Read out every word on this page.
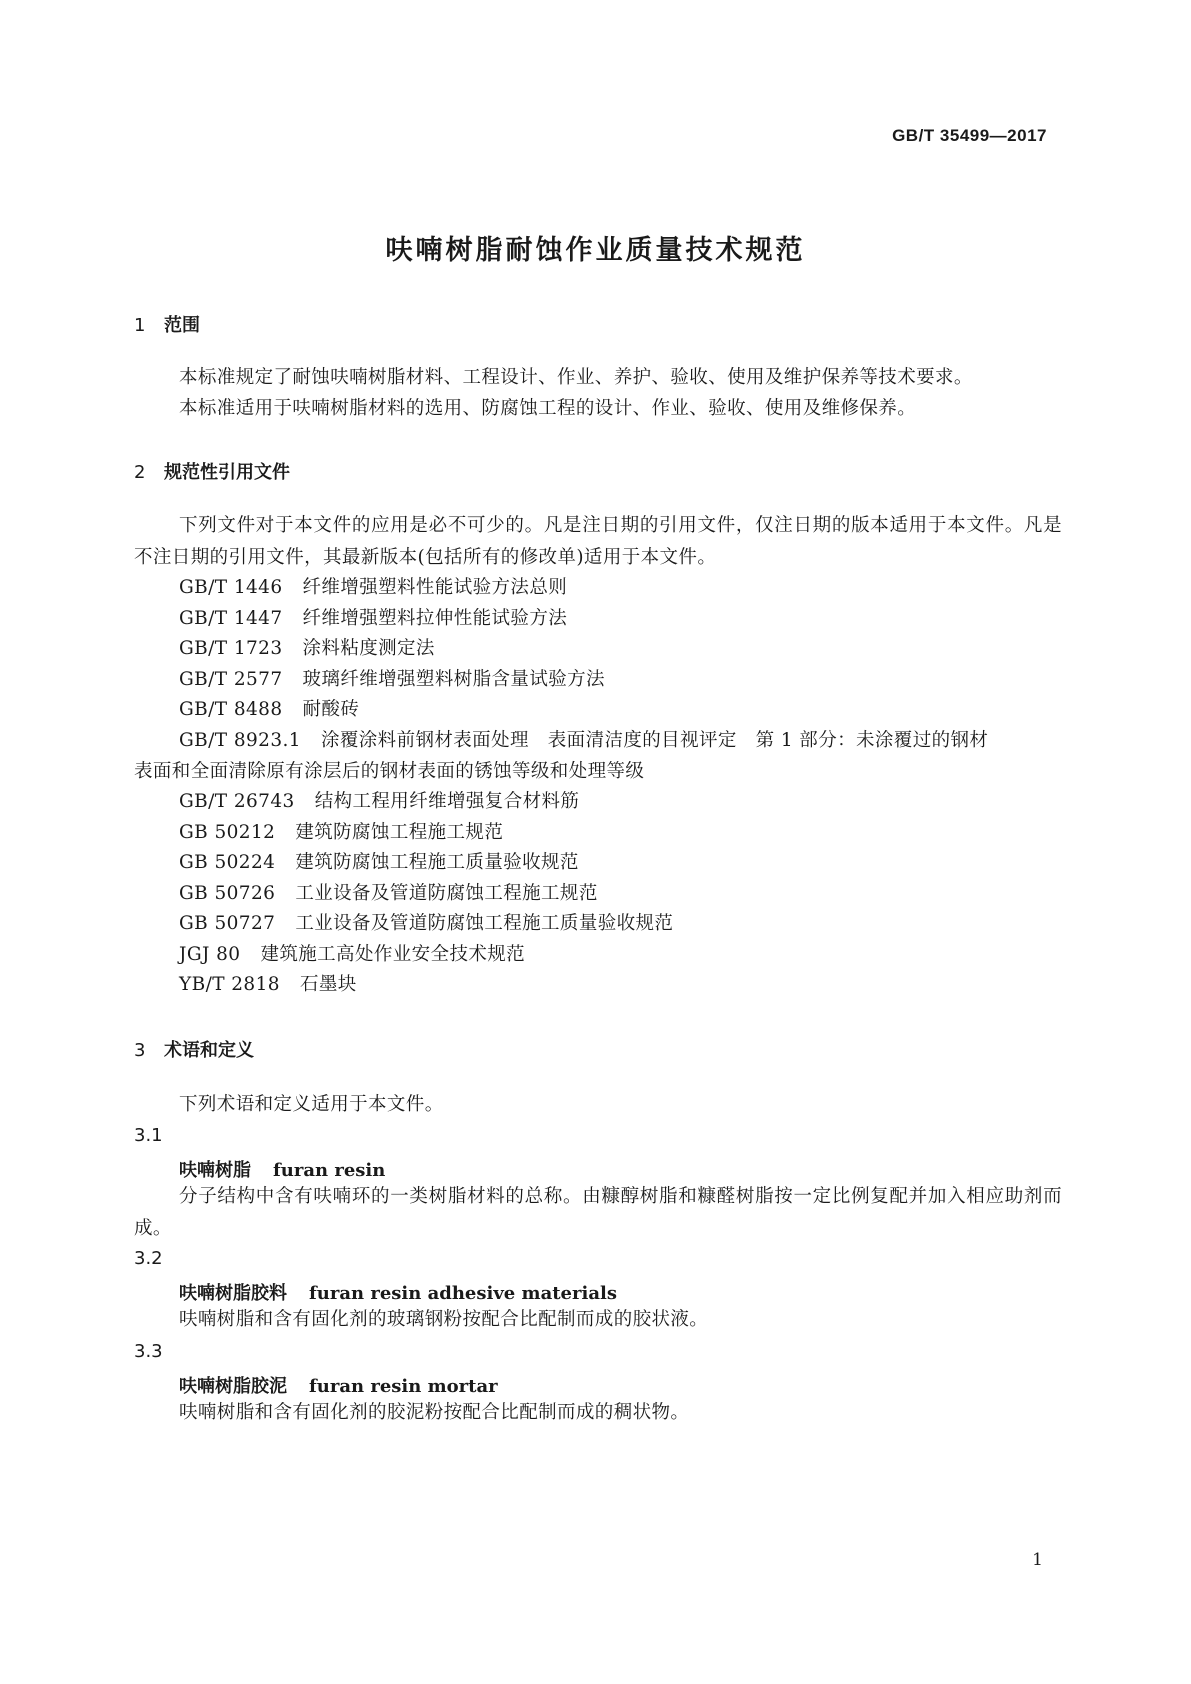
GB/T 35499—2017

呋喃树脂耐蚀作业质量技术规范
1 范围

本标准规定了耐蚀呋喃树脂材料、工程设计、作业、养护、验收、使用及维护保养等技术要求。

本标准适用于呋喃树脂材料的选用、防腐蚀工程的设计、作业、验收、使用及维修保养。

2 规范性引用文件

下列文件对于本文件的应用是必不可少的。凡是注日期的引用文件，仅注日期的版本适用于本文件。凡是不注日期的引用文件，其最新版本(包括所有的修改单)适用于本文件。

GB/T 1446 纤维增强塑料性能试验方法总则

GB/T 1447 纤维增强塑料拉伸性能试验方法

GB/T 1723 涂料粘度测定法

GB/T 2577 玻璃纤维增强塑料树脂含量试验方法

GB/T 8488 耐酸砖

GB/T 8923.1 涂覆涂料前钢材表面处理　表面清洁度的目视评定　第 1 部分：未涂覆过的钢材

表面和全面清除原有涂层后的钢材表面的锈蚀等级和处理等级

GB/T 26743 结构工程用纤维增强复合材料筋

GB 50212 建筑防腐蚀工程施工规范

GB 50224 建筑防腐蚀工程施工质量验收规范

GB 50726 工业设备及管道防腐蚀工程施工规范

GB 50727 工业设备及管道防腐蚀工程施工质量验收规范

JGJ 80 建筑施工高处作业安全技术规范

YB/T 2818 石墨块

3 术语和定义

下列术语和定义适用于本文件。

3.1

呋喃树脂 furan resin

分子结构中含有呋喃环的一类树脂材料的总称。由糠醇树脂和糠醛树脂按一定比例复配并加入相应助剂而成。

3.2

呋喃树脂胶料 furan resin adhesive materials

呋喃树脂和含有固化剂的玻璃钢粉按配合比配制而成的胶状液。

3.3

呋喃树脂胶泥 furan resin mortar

呋喃树脂和含有固化剂的胶泥粉按配合比配制而成的稠状物。

1
